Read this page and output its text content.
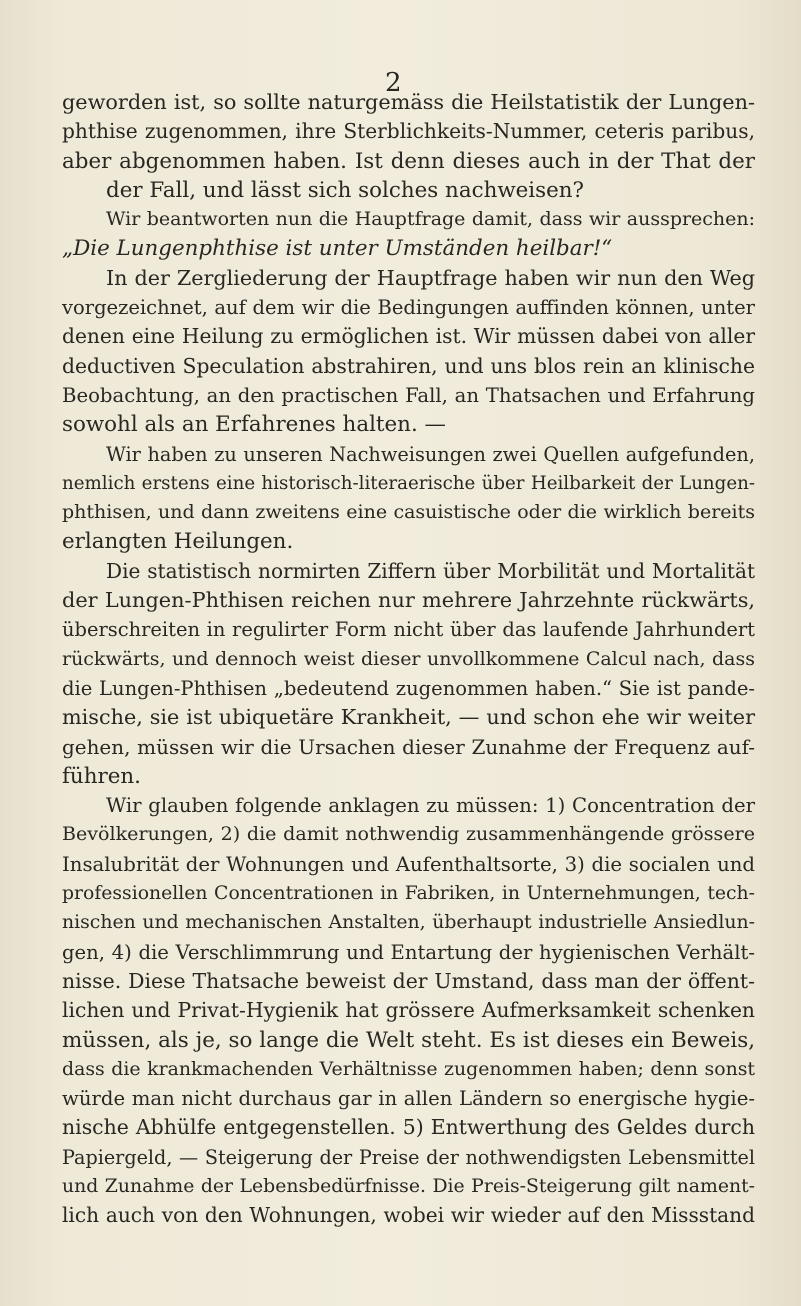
2
geworden ist, so sollte naturgemäss die Heilstatistik der Lungen-
phthise zugenommen, ihre Sterblichkeits-Nummer, ceteris paribus,
aber abgenommen haben. Ist denn dieses auch in der That der
der Fall, und lässt sich solches nachweisen?
Wir beantworten nun die Hauptfrage damit, dass wir aussprechen:
„Die Lungenphthise ist unter Umständen heilbar!“
In der Zergliederung der Hauptfrage haben wir nun den Weg
vorgezeichnet, auf dem wir die Bedingungen auffinden können, unter
denen eine Heilung zu ermöglichen ist. Wir müssen dabei von aller
deductiven Speculation abstrahiren, und uns blos rein an klinische
Beobachtung, an den practischen Fall, an Thatsachen und Erfahrung
sowohl als an Erfahrenes halten. —
Wir haben zu unseren Nachweisungen zwei Quellen aufgefunden,
nemlich erstens eine historisch-literaerische über Heilbarkeit der Lungen-
phthisen, und dann zweitens eine casuistische oder die wirklich bereits
erlangten Heilungen.
Die statistisch normirten Ziffern über Morbilität und Mortalität
der Lungen-Phthisen reichen nur mehrere Jahrzehnte rückwärts,
überschreiten in regulirter Form nicht über das laufende Jahrhundert
rückwärts, und dennoch weist dieser unvollkommene Calcul nach, dass
die Lungen-Phthisen „bedeutend zugenommen haben.“ Sie ist pande-
mische, sie ist ubiquetäre Krankheit, — und schon ehe wir weiter
gehen, müssen wir die Ursachen dieser Zunahme der Frequenz auf-
führen.
Wir glauben folgende anklagen zu müssen: 1) Concentration der
Bevölkerungen, 2) die damit nothwendig zusammenhängende grössere
Insalubrität der Wohnungen und Aufenthaltsorte, 3) die socialen und
professionellen Concentrationen in Fabriken, in Unternehmungen, tech-
nischen und mechanischen Anstalten, überhaupt industrielle Ansiedlun-
gen, 4) die Verschlimmrung und Entartung der hygienischen Verhält-
nisse. Diese Thatsache beweist der Umstand, dass man der öffent-
lichen und Privat-Hygienik hat grössere Aufmerksamkeit schenken
müssen, als je, so lange die Welt steht. Es ist dieses ein Beweis,
dass die krankmachenden Verhältnisse zugenommen haben; denn sonst
würde man nicht durchaus gar in allen Ländern so energische hygie-
nische Abhülfe entgegenstellen. 5) Entwerthung des Geldes durch
Papiergeld, — Steigerung der Preise der nothwendigsten Lebensmittel
und Zunahme der Lebensbedürfnisse. Die Preis-Steigerung gilt nament-
lich auch von den Wohnungen, wobei wir wieder auf den Missstand
